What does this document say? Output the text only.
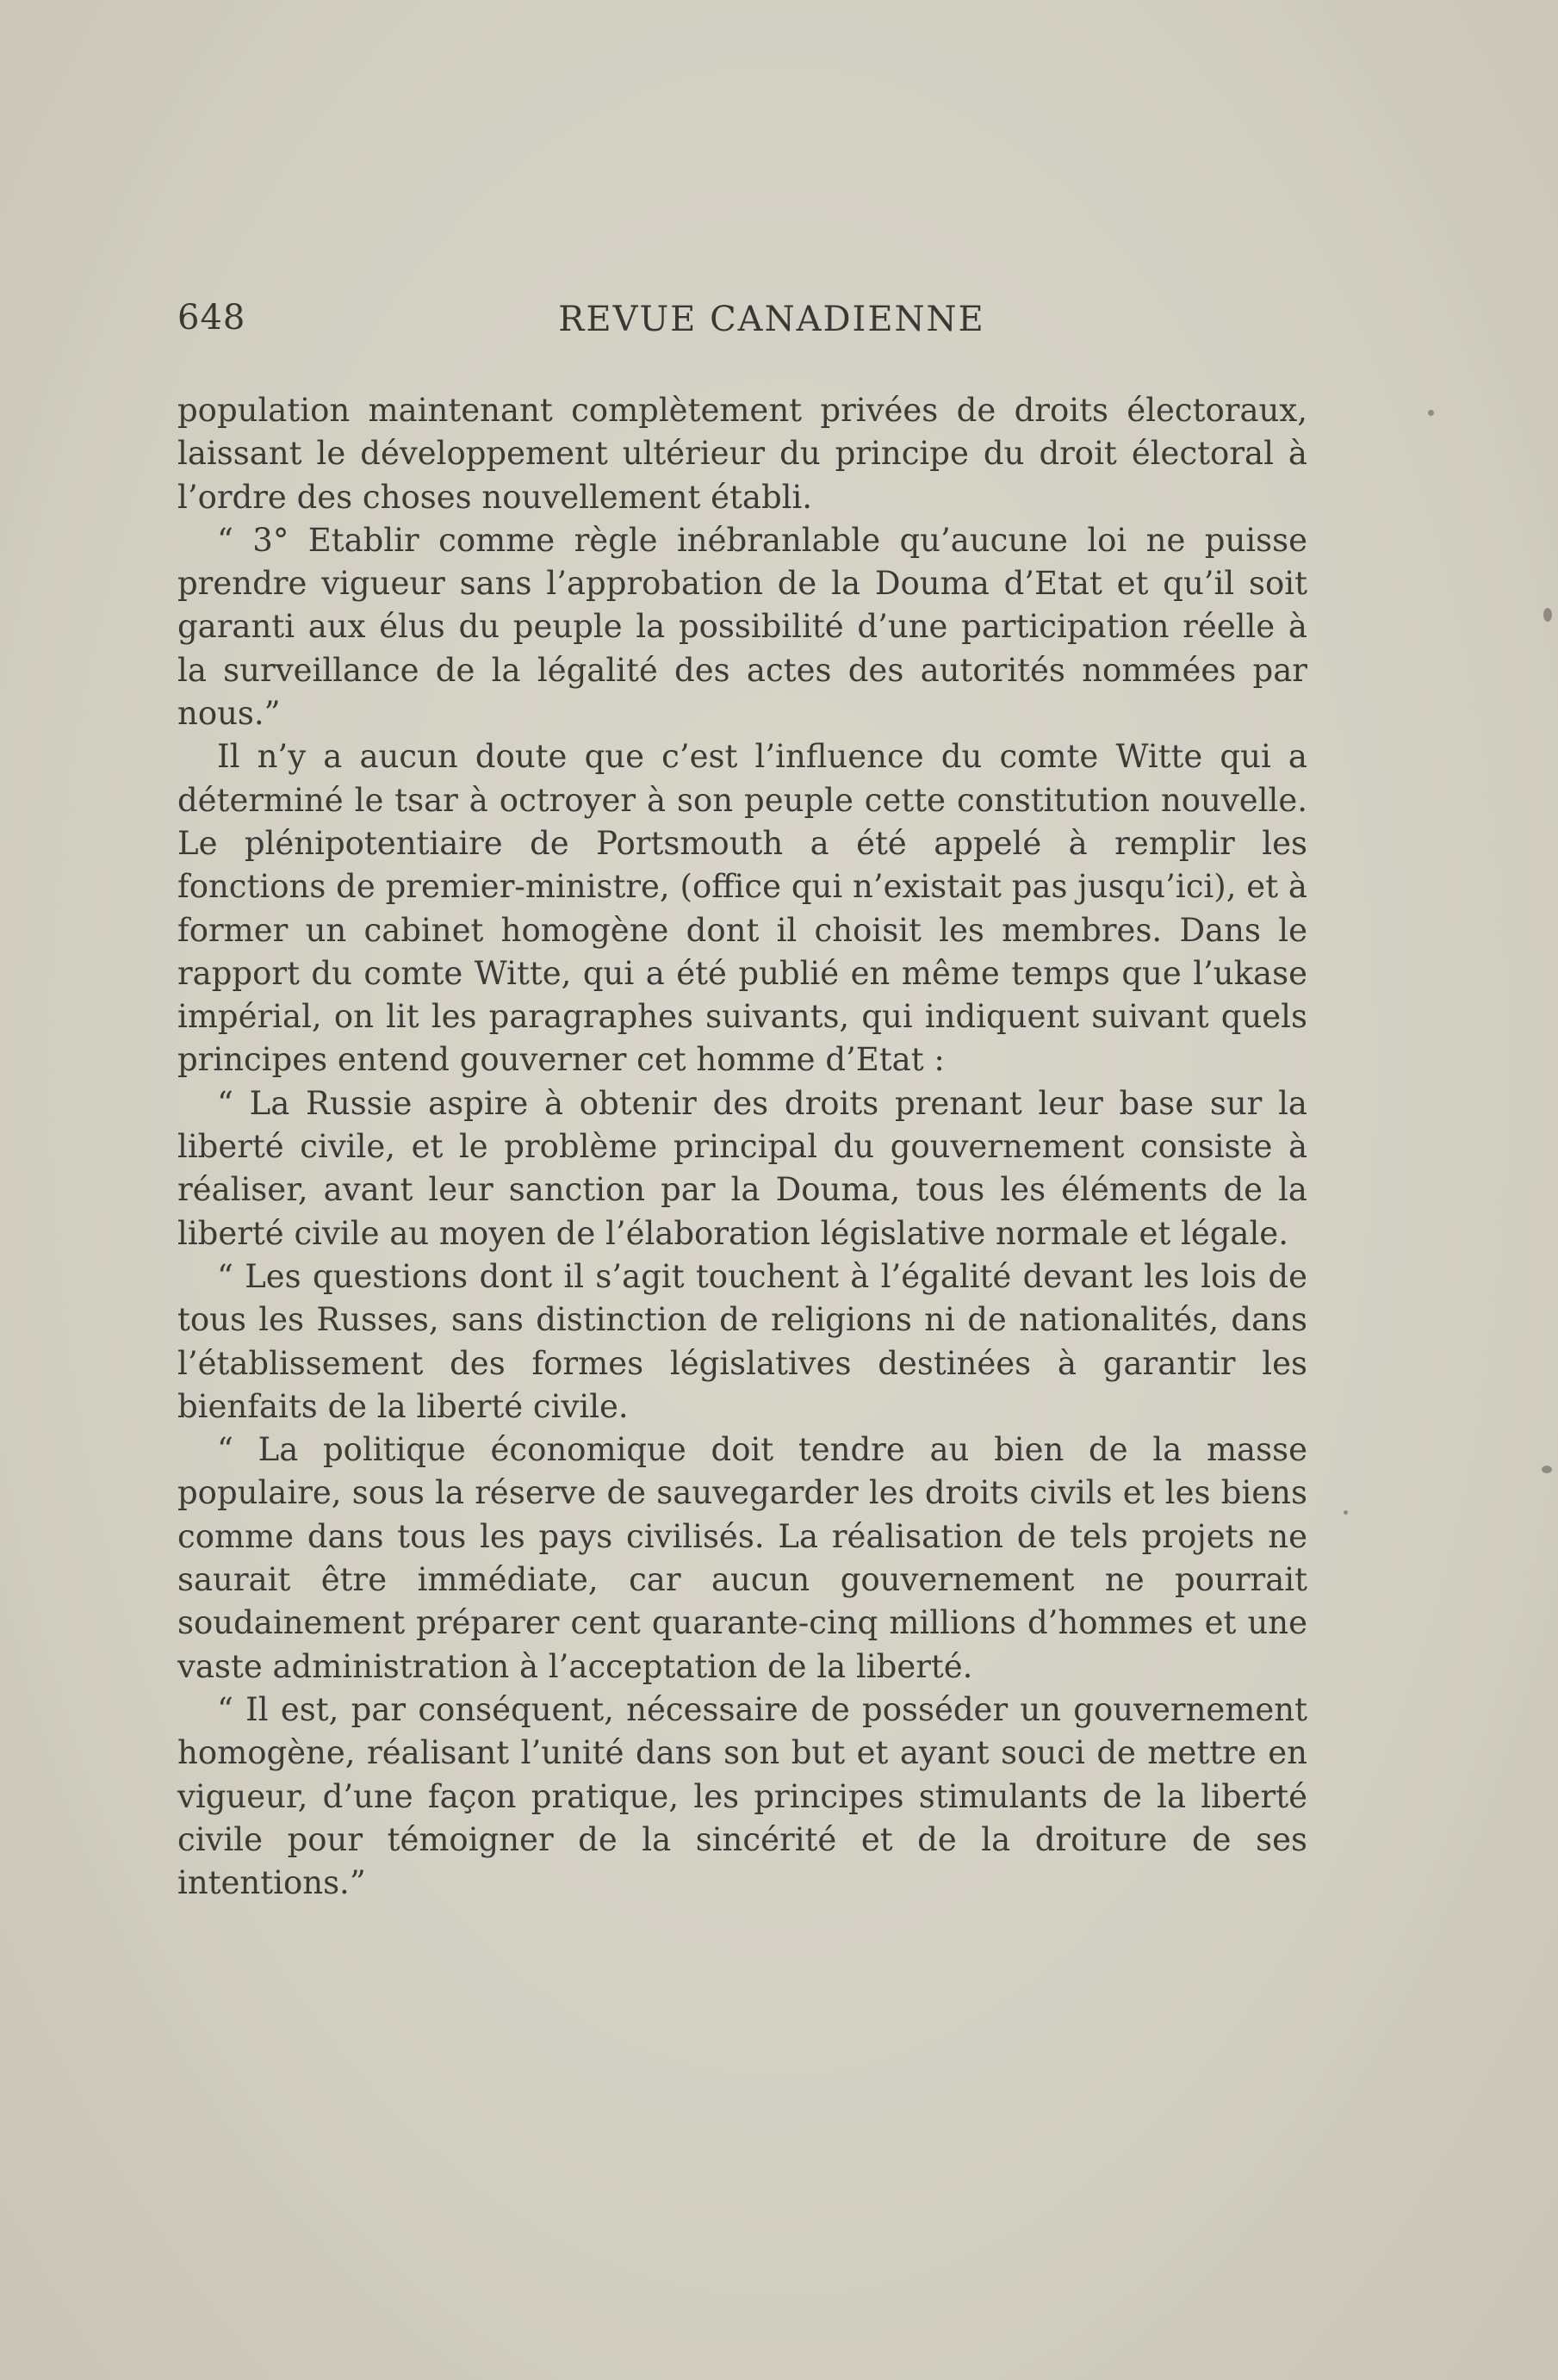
648	REVUE CANADIENNE

population maintenant complètement privées de droits électoraux, laissant le développement ultérieur du principe du droit électoral à l’ordre des choses nouvellement établi.

“ 3° Etablir comme règle inébranlable qu’aucune loi ne puisse prendre vigueur sans l’approbation de la Douma d’Etat et qu’il soit garanti aux élus du peuple la possibilité d’une participation réelle à la surveillance de la légalité des actes des autorités nommées par nous.”

Il n’y a aucun doute que c’est l’influence du comte Witte qui a déterminé le tsar à octroyer à son peuple cette constitution nouvelle. Le plénipotentiaire de Portsmouth a été appelé à remplir les fonctions de premier-ministre, (office qui n’existait pas jusqu’ici), et à former un cabinet homogène dont il choisit les membres. Dans le rapport du comte Witte, qui a été publié en même temps que l’ukase impérial, on lit les paragraphes suivants, qui indiquent suivant quels principes entend gouverner cet homme d’Etat :

“ La Russie aspire à obtenir des droits prenant leur base sur la liberté civile, et le problème principal du gouvernement consiste à réaliser, avant leur sanction par la Douma, tous les éléments de la liberté civile au moyen de l’élaboration législative normale et légale.

“ Les questions dont il s’agit touchent à l’égalité devant les lois de tous les Russes, sans distinction de religions ni de nationalités, dans l’établissement des formes législatives destinées à garantir les bienfaits de la liberté civile.

“ La politique économique doit tendre au bien de la masse populaire, sous la réserve de sauvegarder les droits civils et les biens comme dans tous les pays civilisés. La réalisation de tels projets ne saurait être immédiate, car aucun gouvernement ne pourrait soudainement préparer cent quarante-cinq millions d’hommes et une vaste administration à l’acceptation de la liberté.

“ Il est, par conséquent, nécessaire de posséder un gouvernement homogène, réalisant l’unité dans son but et ayant souci de mettre en vigueur, d’une façon pratique, les principes stimulants de la liberté civile pour témoigner de la sincérité et de la droiture de ses intentions.”
